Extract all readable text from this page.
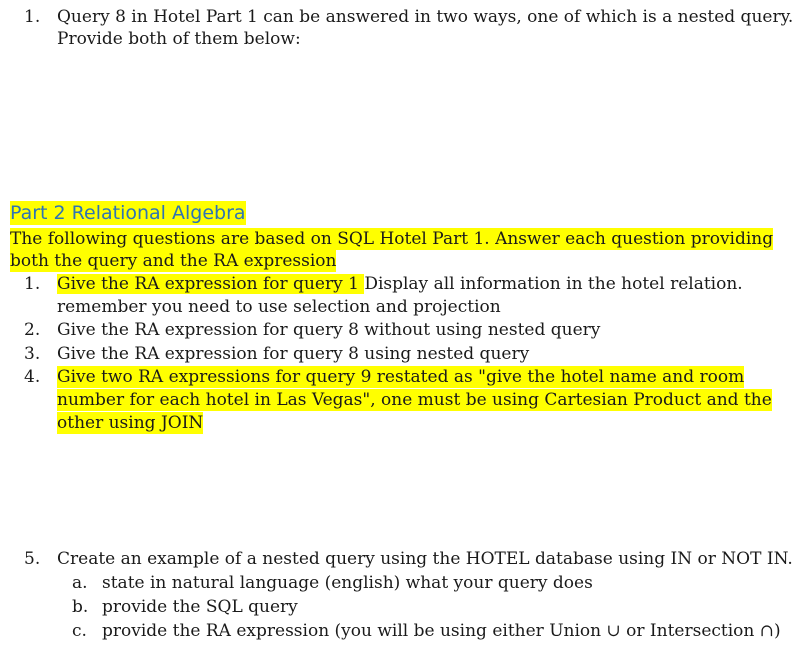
1. Query 8 in Hotel Part 1 can be answered in two ways, one of which is a nested query.
Provide both of them below:
Part 2 Relational Algebra
The following questions are based on SQL Hotel Part 1. Answer each question providing
both the query and the RA expression
1. Give the RA expression for query 1 Display all information in the hotel relation.
remember you need to use selection and projection
2. Give the RA expression for query 8 without using nested query
3. Give the RA expression for query 8 using nested query
4. Give two RA expressions for query 9 restated as "give the hotel name and room
number for each hotel in Las Vegas", one must be using Cartesian Product and the
other using JOIN
5. Create an example of a nested query using the HOTEL database using IN or NOT IN.
a. state in natural language (english) what your query does
b. provide the SQL query
c. provide the RA expression (you will be using either Union ∪ or Intersection ∩)
